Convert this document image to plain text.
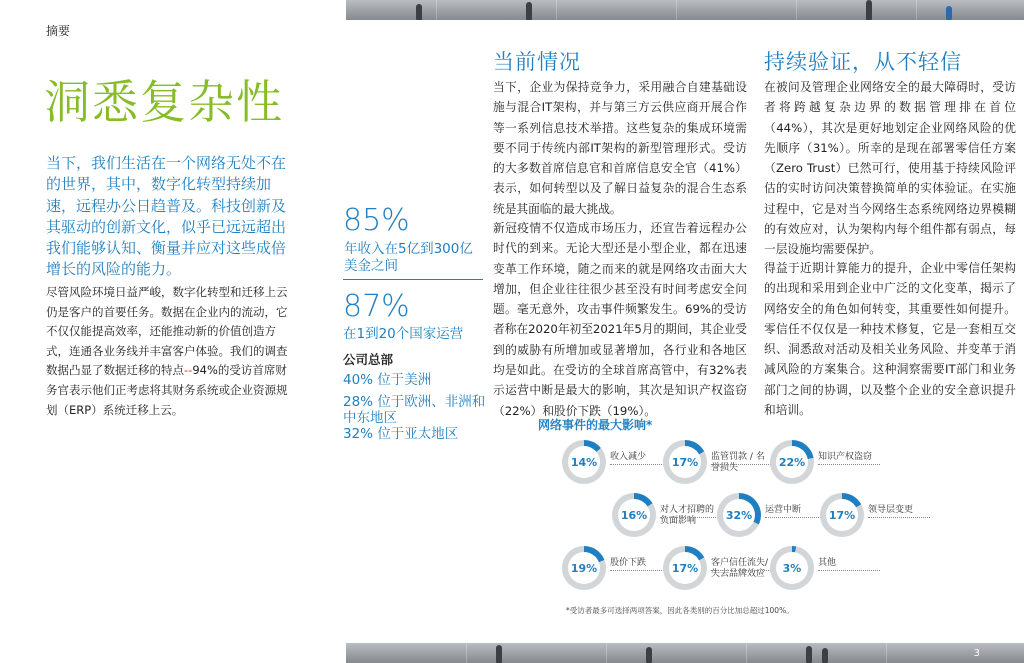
3
摘要
洞悉复杂性
当下，我们生活在一个网络无处不在的世界，其中，数字化转型持续加速，远程办公日趋普及。科技创新及其驱动的创新文化，似乎已远远超出我们能够认知、衡量并应对这些成倍增长的风险的能力。
尽管风险环境日益严峻，数字化转型和迁移上云仍是客户的首要任务。数据在企业内的流动，它不仅仅能提高效率，还能推动新的价值创造方式，连通各业务线并丰富客户体验。我们的调查数据凸显了数据迁移的特点--94%的受访首席财务官表示他们正考虑将其财务系统或企业资源规划（ERP）系统迁移上云。
85%
年收入在5亿到300亿美金之间
87%
在1到20个国家运营
公司总部
40% 位于美洲
28% 位于欧洲、非洲和中东地区
32% 位于亚太地区
当前情况
当下，企业为保持竞争力，采用融合自建基础设施与混合IT架构，并与第三方云供应商开展合作等一系列信息技术举措。这些复杂的集成环境需要不同于传统内部IT架构的新型管理形式。受访的大多数首席信息官和首席信息安全官（41%）表示，如何转型以及了解日益复杂的混合生态系统是其面临的最大挑战。
新冠疫情不仅造成市场压力，还宣告着远程办公时代的到来。无论大型还是小型企业，都在迅速变革工作环境，随之而来的就是网络攻击面大大增加，但企业往往很少甚至没有时间考虑安全问题。毫无意外，攻击事件频繁发生。69%的受访者称在2020年初至2021年5月的期间，其企业受到的威胁有所增加或显著增加，各行业和各地区均是如此。在受访的全球首席高管中，有32%表示运营中断是最大的影响，其次是知识产权盗窃（22%）和股价下跌（19%）。
持续验证，从不轻信
在被问及管理企业网络安全的最大障碍时，受访者将跨越复杂边界的数据管理排在首位（44%），其次是更好地划定企业网络风险的优先顺序（31%）。所幸的是现在部署零信任方案（Zero Trust）已然可行，使用基于持续风险评估的实时访问决策替换简单的实体验证。在实施过程中，它是对当今网络生态系统网络边界模糊的有效应对，认为架构内每个组件都有弱点，每一层设施均需要保护。
得益于近期计算能力的提升，企业中零信任架构的出现和采用到企业中广泛的文化变革，揭示了网络安全的角色如何转变，其重要性如何提升。零信任不仅仅是一种技术修复，它是一套相互交织、洞悉敌对活动及相关业务风险、并变革于消减风险的方案集合。这种洞察需要IT部门和业务部门之间的协调，以及整个企业的安全意识提升和培训。
网络事件的最大影响*
14%	收入减少	17%	监管罚款 / 名誉损失	22%	知识产权盗窃
16%	对人才招聘的负面影响	32%	运营中断	17%	领导层变更
19%	股价下跌	17%	客户信任流失/ 失去品牌效应	3%	其他
*受访者最多可选择两项答案，因此各类别的百分比加总超过100%。
